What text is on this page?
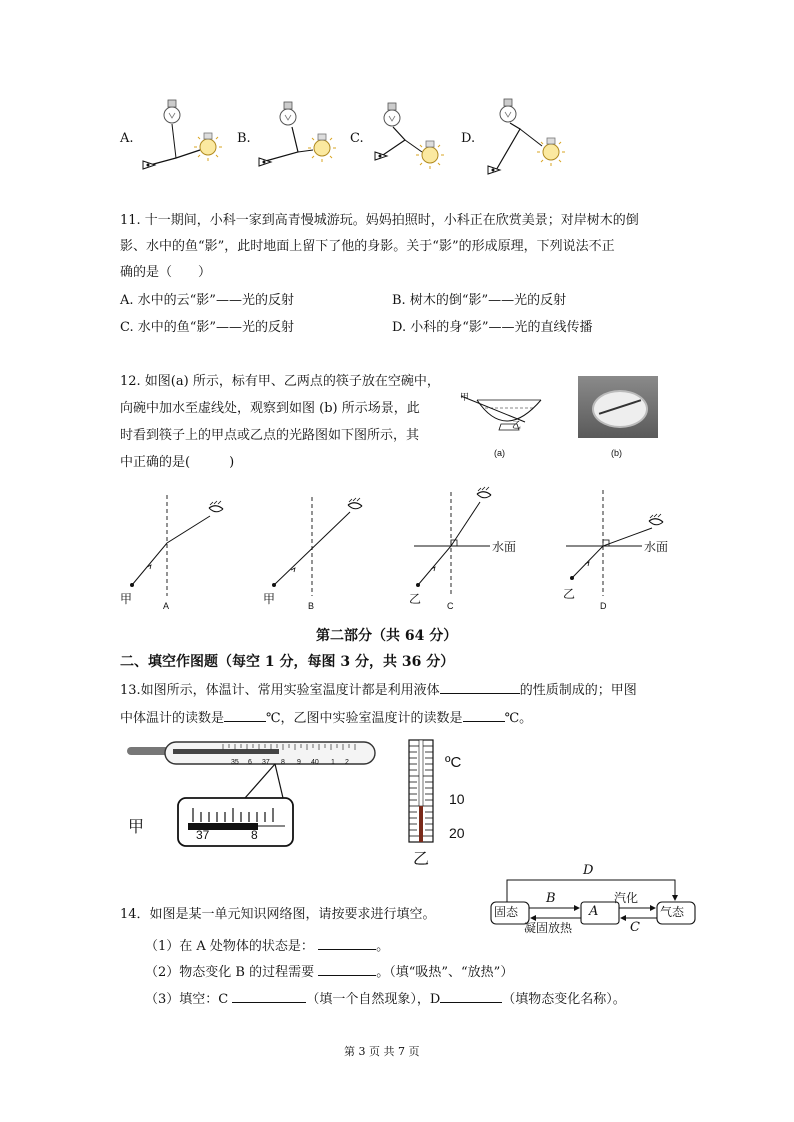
A.	B.	C.	D.
11. 十一期间，小科一家到高青慢城游玩。妈妈拍照时，小科正在欣赏美景；对岸树木的倒
影、水中的鱼“影”，此时地面上留下了他的身影。关于“影”的形成原理，下列说法不正
确的是（　　）
A. 水中的云“影”——光的反射	B. 树木的倒“影”——光的反射
C. 水中的鱼“影”——光的反射	D. 小科的身“影”——光的直线传播
12. 如图(a) 所示，标有甲、乙两点的筷子放在空碗中，
向碗中加水至虚线处，观察到如图 (b) 所示场景，此
时看到筷子上的甲点或乙点的光路图如下图所示，其
中正确的是(　　　)
甲
乙
(a)	(b)
甲	A	甲	B	乙	C
水面
乙
D
水面
第二部分（共 64 分）
二、填空作图题（每空 1 分，每图 3 分，共 36 分）
13.如图所示，体温计、常用实验室温度计都是利用液体	的性质制成的；甲图
中体温计的读数是	℃，乙图中实验室温度计的读数是	℃。
35 6 37 8 9 40 1 2
37	8
甲
ºC
10
20
乙
14．如图是某一单元知识网络图，请按要求进行填空。
（1）在 A 处物体的状态是：	。
（2）物态变化 B 的过程需要	。（填“吸热”、“放热”）
（3）填空：C	（填一个自然现象），D	（填物态变化名称）。
固态	A	气态
B
C
D
汽化
凝固放热
第 3 页 共 7 页
